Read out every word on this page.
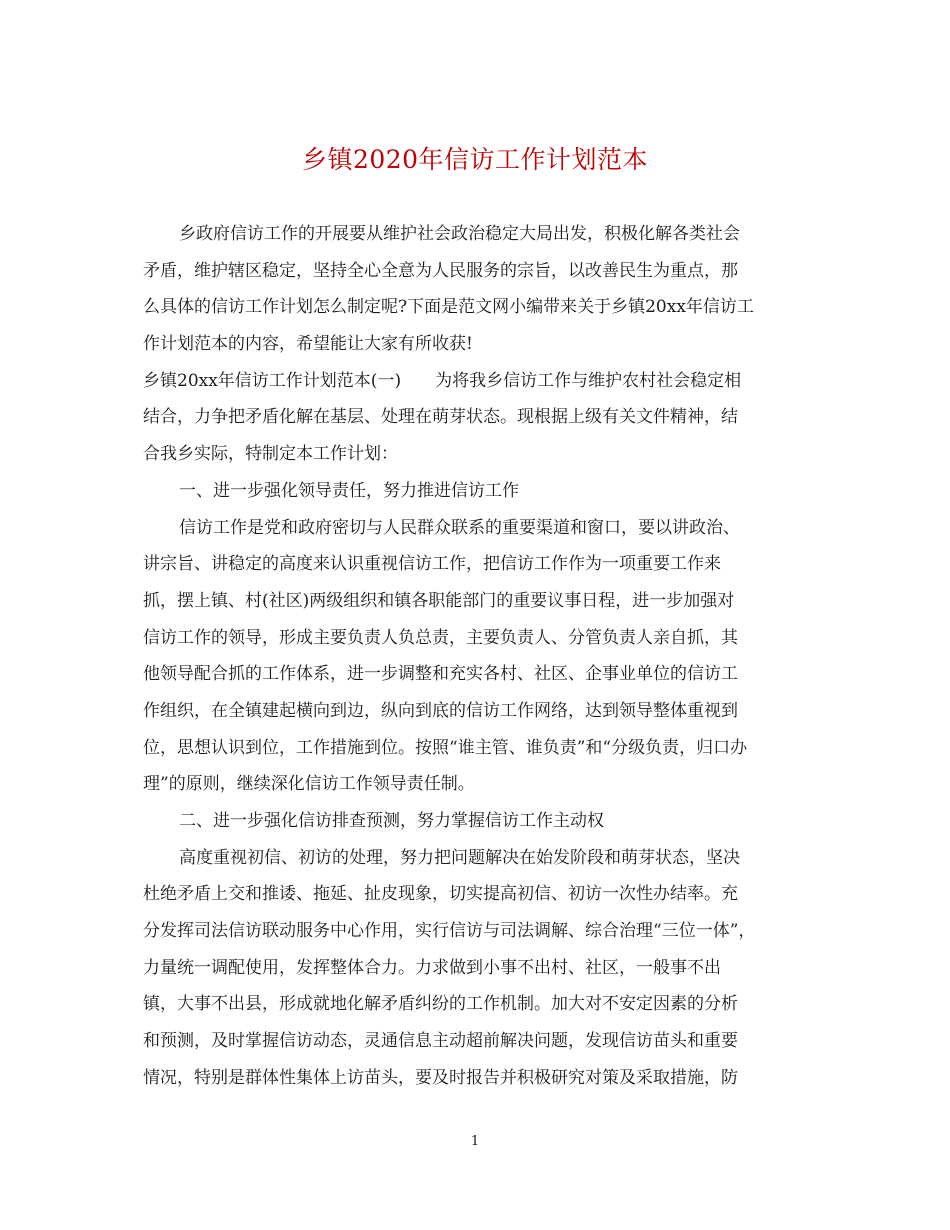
乡镇2020年信访工作计划范本
乡政府信访工作的开展要从维护社会政治稳定大局出发，积极化解各类社会
矛盾，维护辖区稳定，坚持全心全意为人民服务的宗旨，以改善民生为重点，那
么具体的信访工作计划怎么制定呢?下面是范文网小编带来关于乡镇20xx年信访工
作计划范本的内容，希望能让大家有所收获!
乡镇20xx年信访工作计划范本(一)　　为将我乡信访工作与维护农村社会稳定相
结合，力争把矛盾化解在基层、处理在萌芽状态。现根据上级有关文件精神，结
合我乡实际，特制定本工作计划：
一、进一步强化领导责任，努力推进信访工作
信访工作是党和政府密切与人民群众联系的重要渠道和窗口，要以讲政治、
讲宗旨、讲稳定的高度来认识重视信访工作，把信访工作作为一项重要工作来
抓，摆上镇、村(社区)两级组织和镇各职能部门的重要议事日程，进一步加强对
信访工作的领导，形成主要负责人负总责，主要负责人、分管负责人亲自抓，其
他领导配合抓的工作体系，进一步调整和充实各村、社区、企事业单位的信访工
作组织，在全镇建起横向到边，纵向到底的信访工作网络，达到领导整体重视到
位，思想认识到位，工作措施到位。按照“谁主管、谁负责”和“分级负责，归口办
理”的原则，继续深化信访工作领导责任制。
二、进一步强化信访排查预测，努力掌握信访工作主动权
高度重视初信、初访的处理，努力把问题解决在始发阶段和萌芽状态，坚决
杜绝矛盾上交和推诿、拖延、扯皮现象，切实提高初信、初访一次性办结率。充
分发挥司法信访联动服务中心作用，实行信访与司法调解、综合治理“三位一体”，
力量统一调配使用，发挥整体合力。力求做到小事不出村、社区，一般事不出
镇，大事不出县，形成就地化解矛盾纠纷的工作机制。加大对不安定因素的分析
和预测，及时掌握信访动态，灵通信息主动超前解决问题，发现信访苗头和重要
情况，特别是群体性集体上访苗头，要及时报告并积极研究对策及采取措施，防
1
